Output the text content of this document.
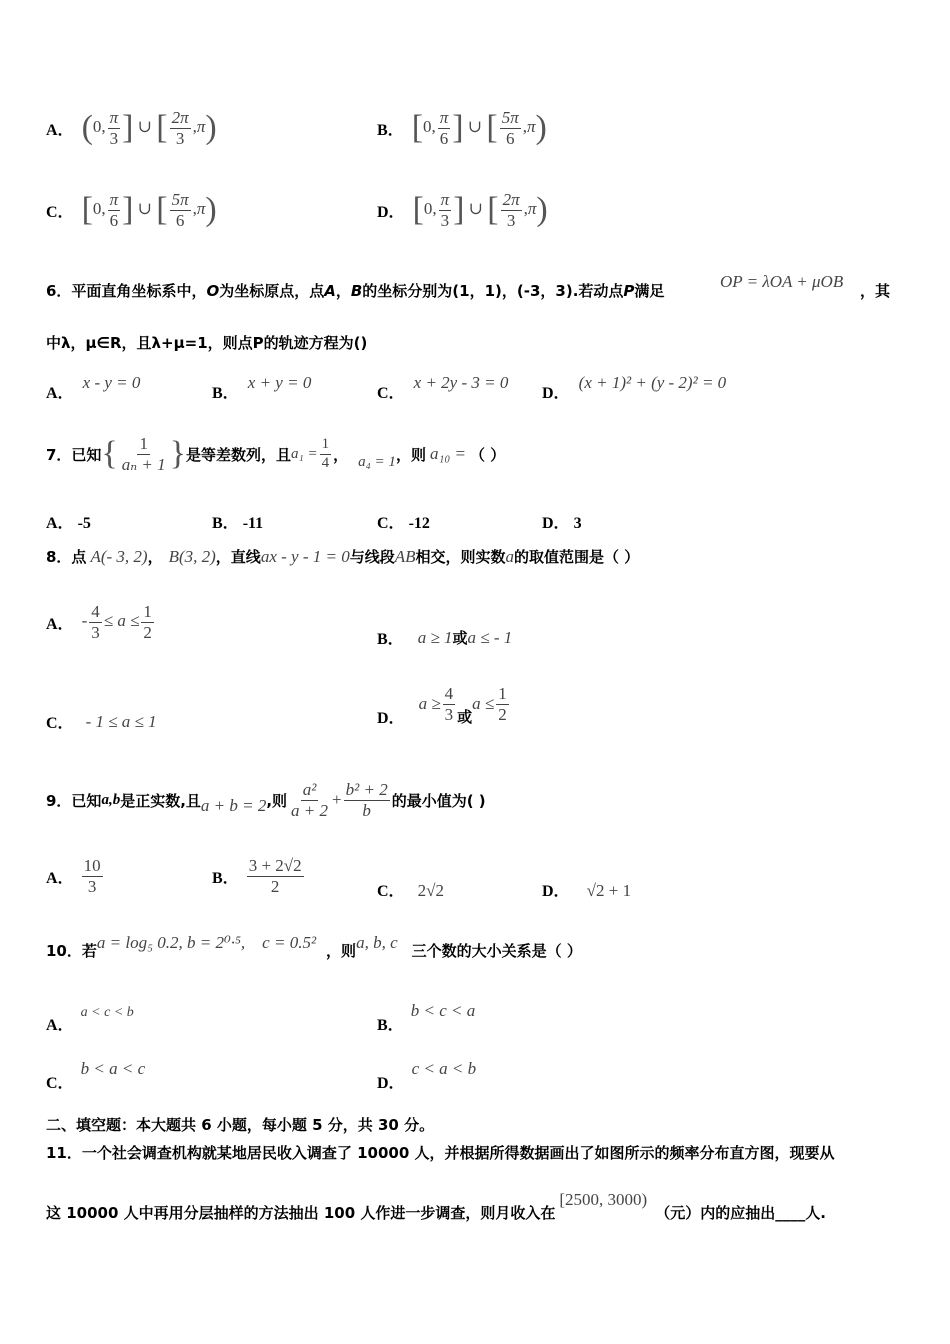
A． (0, $\frac{\pi}{3}$ ] ∪ [ $\frac{2\pi}{3} ,\pi$)	B． [0, $\frac{\pi}{6}$ ] ∪ [ $\frac{5\pi}{6} ,\pi$)
C． [0, $\frac{\pi}{6}$ ] ∪ [ $\frac{5\pi}{6} ,\pi$)	D． [0, $\frac{\pi}{3}$ ] ∪ [ $\frac{2\pi}{3} ,\pi$)
6．平面直角坐标系中，O为坐标原点，点A，B的坐标分别为(1，1)，(-3，3).若动点P满足	OP = λOA + μOB ，其
中λ，μ∈R，且λ+μ=1，则点P的轨迹方程为()
A． x - y = 0
B． x + y = 0
C． x + 2y - 3 = 0
D． (x + 1)² + (y - 2)² = 0
7．已知 { $\frac{1}{\text{aₙ + 1}}$ } 是等差数列，且 $a_1 = \frac{1}{4}$ ， a₄ = 1 ，则 a₁₀ = （ ）
A． -5	B． -11	C． -12	D． 3
8．点 A(- 3, 2) ， B(3, 2) ，直线 ax - y - 1 = 0 与线段 AB 相交，则实数 a 的取值范围是（ ）
A． - $\frac{4}{3} \le a \le \frac{1}{2}$	B． a ≥ 1 或 a ≤ - 1
C． - 1 ≤ a ≤ 1	D．
$a \ge \frac{4}{3}$ 或
$a \le \frac{1}{2}$
9．已知 a,b 是正实数,且 a + b = 2 ,则 $\frac{\text{a²}}{a + 2} + \frac{\text{b² + 2}}{b}$ 的最小值为( )
A． $\frac{10}{3}$	B． $\frac{3 + 2√2}{2}$	C． 2√2	D． √2 + 1
10．若 a = log₅ 0.2, b = 2⁰·⁵,    c = 0.5² ，则 a, b, c 三个数的大小关系是（ ）
A． a < c < b
B． b < c < a
C． b < a < c
D． c < a < b
二、填空题：本大题共 6 小题，每小题 5 分，共 30 分。
11．一个社会调查机构就某地居民收入调查了 10000 人，并根据所得数据画出了如图所示的频率分布直方图，现要从
这 10000 人中再用分层抽样的方法抽出 100 人作进一步调查，则月收入在
[2500, 3000)
（元）内的应抽出____人.
